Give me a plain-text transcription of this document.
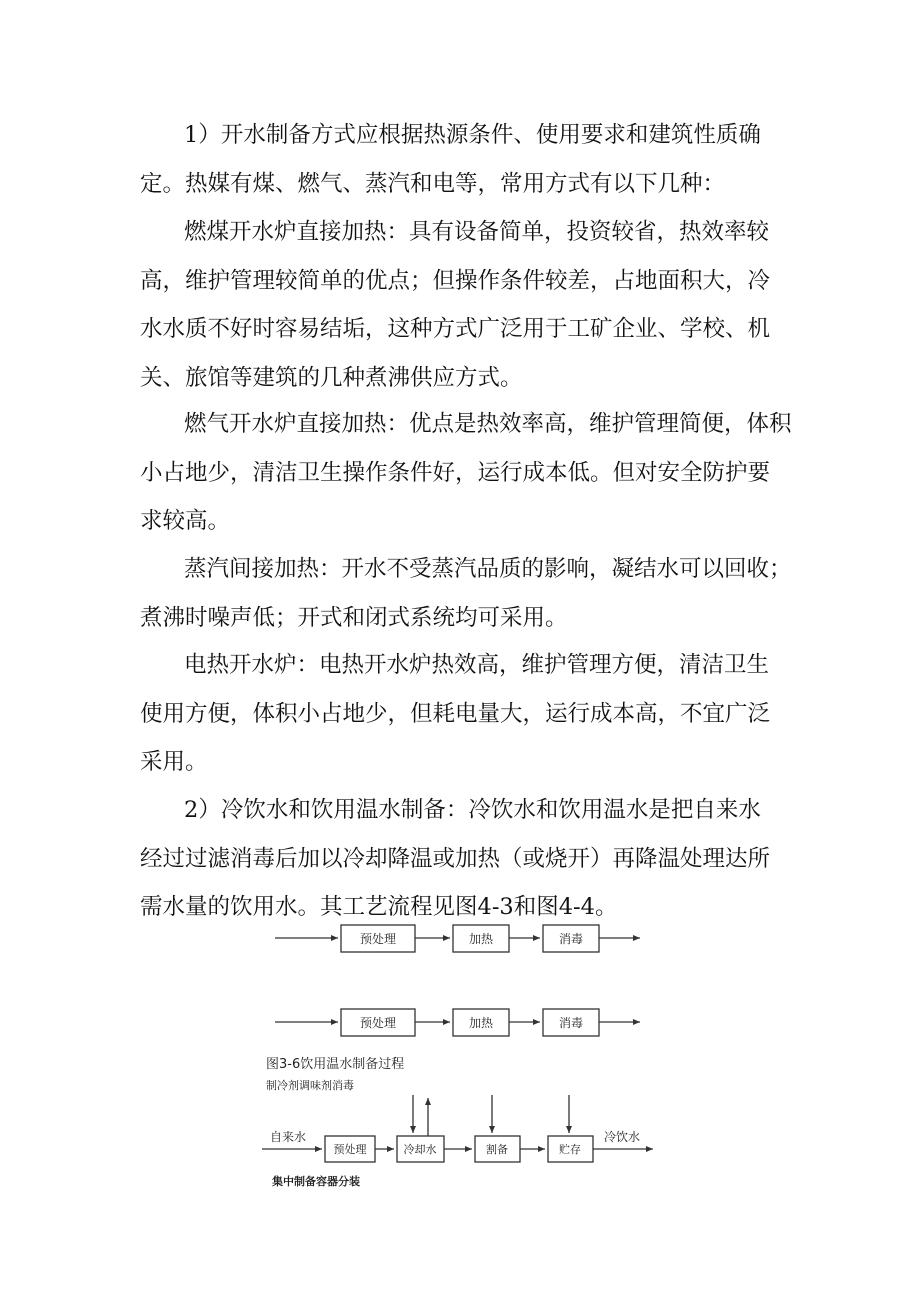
1）开水制备方式应根据热源条件、使用要求和建筑性质确
定。热媒有煤、燃气、蒸汽和电等，常用方式有以下几种：
燃煤开水炉直接加热：具有设备简单，投资较省，热效率较
高，维护管理较简单的优点；但操作条件较差，占地面积大，冷
水水质不好时容易结垢，这种方式广泛用于工矿企业、学校、机
关、旅馆等建筑的几种煮沸供应方式。
燃气开水炉直接加热：优点是热效率高，维护管理简便，体积
小占地少，清洁卫生操作条件好，运行成本低。但对安全防护要
求较高。
蒸汽间接加热：开水不受蒸汽品质的影响，凝结水可以回收；
煮沸时噪声低；开式和闭式系统均可采用。
电热开水炉：电热开水炉热效高，维护管理方便，清洁卫生
使用方便，体积小占地少，但耗电量大，运行成本高，不宜广泛
采用。
2）冷饮水和饮用温水制备：冷饮水和饮用温水是把自来水
经过过滤消毒后加以冷却降温或加热（或烧开）再降温处理达所
需水量的饮用水。其工艺流程见图4-3和图4-4。
预处理	加热	消毒
预处理	加热	消毒
自来水
预处理	冷却水	割备	贮存
冷饮水
图3-6饮用温水制备过程
制冷剂调味剂消毒
集中制备容器分装
